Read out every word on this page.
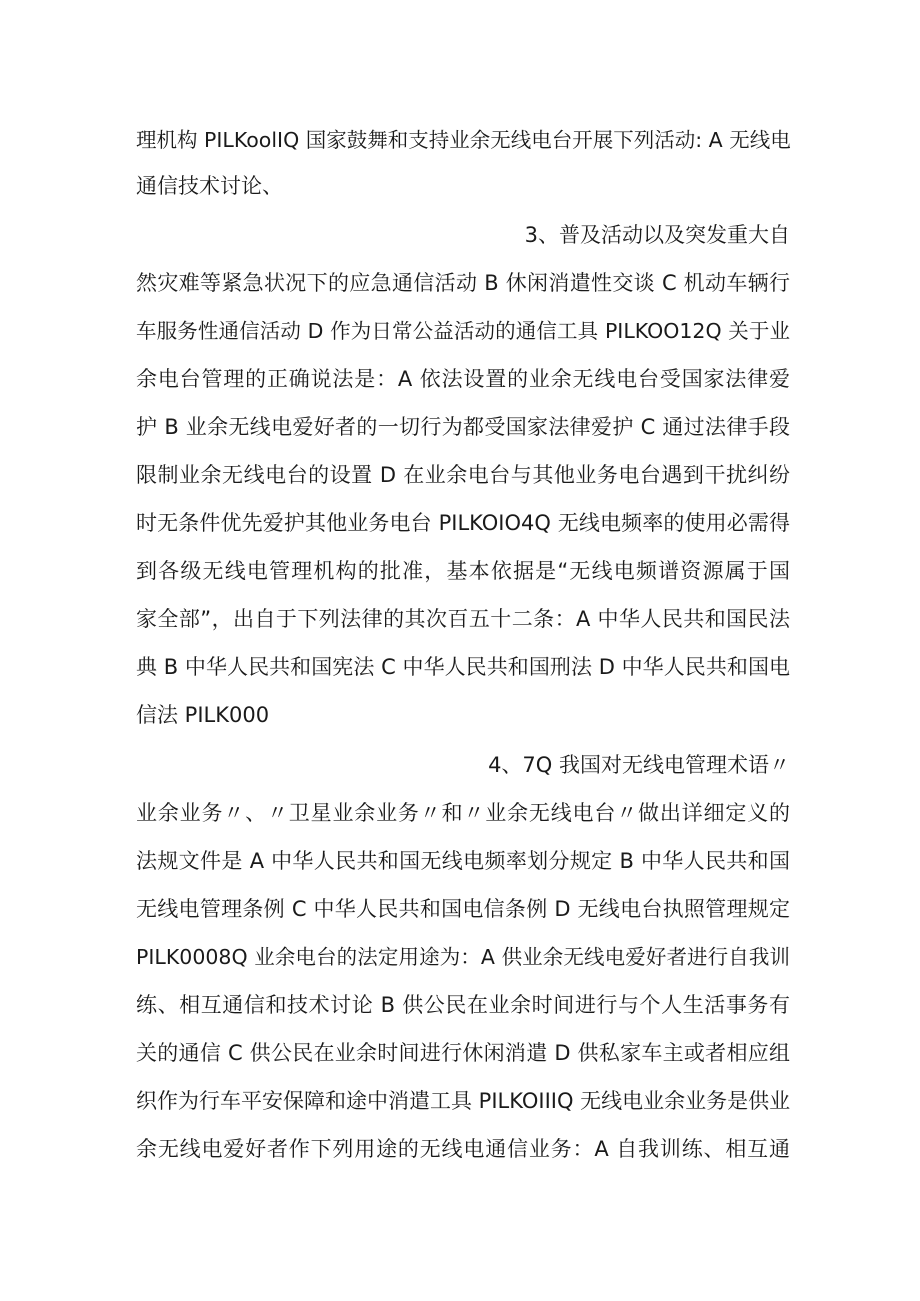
理机构 PILKoolIQ 国家鼓舞和支持业余无线电台开展下列活动: A 无线电
通信技术讨论、
3、普及活动以及突发重大自
然灾难等紧急状况下的应急通信活动 B 休闲消遣性交谈 C 机动车辆行
车服务性通信活动 D 作为日常公益活动的通信工具 PILKOO12Q 关于业
余电台管理的正确说法是：A 依法设置的业余无线电台受国家法律爱
护 B 业余无线电爱好者的一切行为都受国家法律爱护 C 通过法律手段
限制业余无线电台的设置 D 在业余电台与其他业务电台遇到干扰纠纷
时无条件优先爱护其他业务电台 PILKOIO4Q 无线电频率的使用必需得
到各级无线电管理机构的批准，基本依据是“无线电频谱资源属于国
家全部”，出自于下列法律的其次百五十二条：A 中华人民共和国民法
典 B 中华人民共和国宪法 C 中华人民共和国刑法 D 中华人民共和国电
信法 PILK000
4、7Q 我国对无线电管理术语〃
业余业务〃、〃卫星业余业务〃和〃业余无线电台〃做出详细定义的
法规文件是 A 中华人民共和国无线电频率划分规定 B 中华人民共和国
无线电管理条例 C 中华人民共和国电信条例 D 无线电台执照管理规定
PILK0008Q 业余电台的法定用途为：A 供业余无线电爱好者进行自我训
练、相互通信和技术讨论 B 供公民在业余时间进行与个人生活事务有
关的通信 C 供公民在业余时间进行休闲消遣 D 供私家车主或者相应组
织作为行车平安保障和途中消遣工具 PILKOIIIQ 无线电业余业务是供业
余无线电爱好者作下列用途的无线电通信业务：A 自我训练、相互通
